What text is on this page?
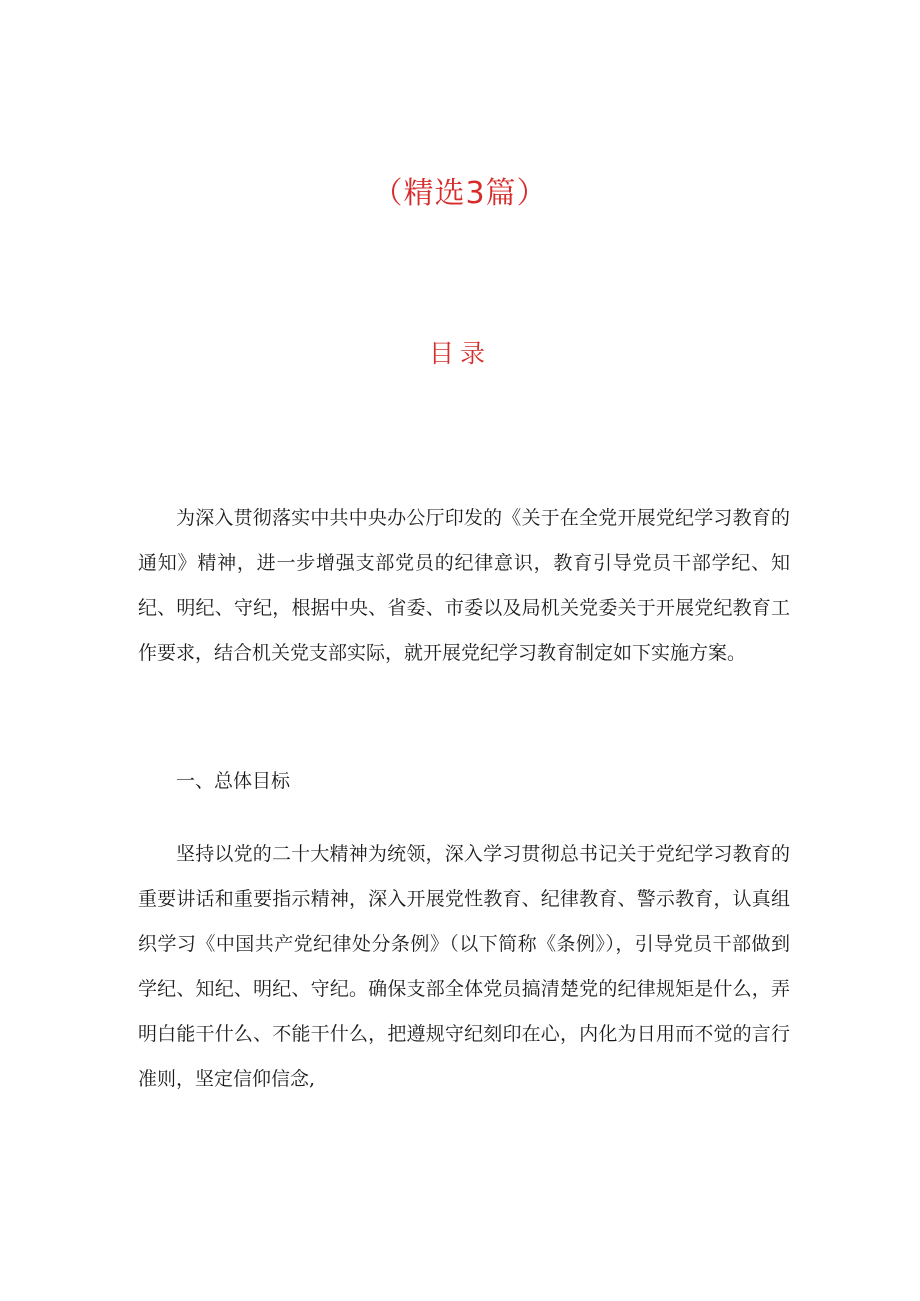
（精选3篇）
目录

为深入贯彻落实中共中央办公厅印发的《关于在全党开展党纪学习教育的通知》精神，进一步增强支部党员的纪律意识，教育引导党员干部学纪、知纪、明纪、守纪，根据中央、省委、市委以及局机关党委关于开展党纪教育工作要求，结合机关党支部实际，就开展党纪学习教育制定如下实施方案。

一、总体目标

坚持以党的二十大精神为统领，深入学习贯彻总书记关于党纪学习教育的重要讲话和重要指示精神，深入开展党性教育、纪律教育、警示教育，认真组织学习《中国共产党纪律处分条例》（以下简称《条例》），引导党员干部做到学纪、知纪、明纪、守纪。确保支部全体党员搞清楚党的纪律规矩是什么，弄明白能干什么、不能干什么，把遵规守纪刻印在心，内化为日用而不觉的言行准则，坚定信仰信念,
